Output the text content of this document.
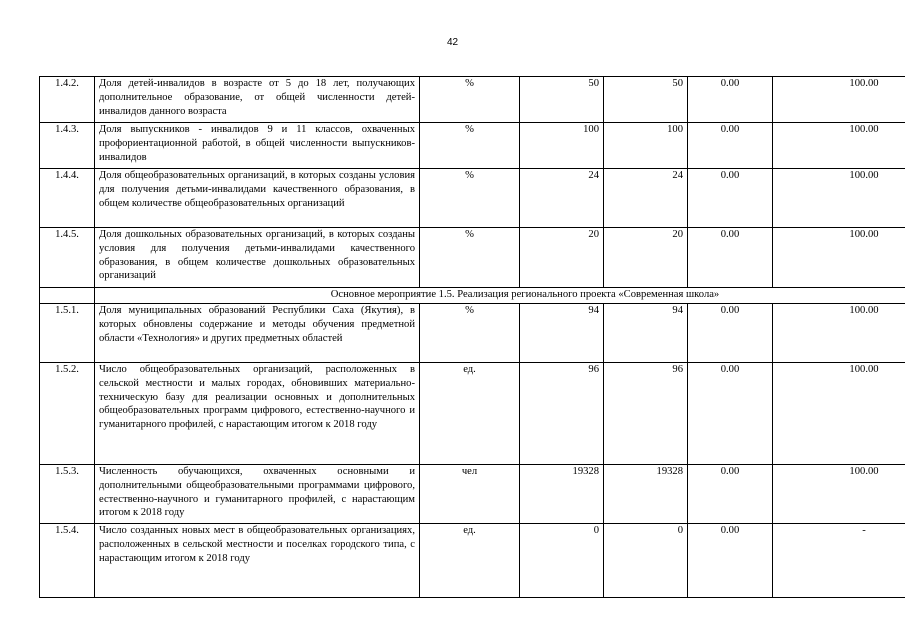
42
1.4.2.	Доля детей-инвалидов в возрасте от 5 до 18 лет, получающих дополнительное образование, от общей численности детей-инвалидов данного возраста	%	50	50	0.00	100.00
1.4.3.	Доля выпускников - инвалидов 9 и 11 классов, охваченных профориентационной работой, в общей численности выпускников-инвалидов	%	100	100	0.00	100.00
1.4.4.	Доля общеобразовательных организаций, в которых созданы условия для получения детьми-инвалидами качественного образования, в общем количестве общеобразовательных организаций	%	24	24	0.00	100.00
1.4.5.	Доля дошкольных образовательных организаций, в которых созданы условия для получения детьми-инвалидами качественного образования, в общем количестве дошкольных образовательных организаций	%	20	20	0.00	100.00
	Основное мероприятие 1.5. Реализация регионального проекта «Современная школа»					
1.5.1.	Доля муниципальных образований Республики Саха (Якутия), в которых обновлены содержание и методы обучения предметной области «Технология» и других предметных областей	%	94	94	0.00	100.00
1.5.2.	Число общеобразовательных организаций, расположенных в сельской местности и малых городах, обновивших материально-техническую базу для реализации основных и дополнительных общеобразовательных программ цифрового, естественно-научного и гуманитарного профилей, с нарастающим итогом к 2018 году	ед.	96	96	0.00	100.00
1.5.3.	Численность обучающихся, охваченных основными и дополнительными общеобразовательными программами цифрового, естественно-научного и гуманитарного профилей, с нарастающим итогом к 2018 году	чел	19328	19328	0.00	100.00
1.5.4.	Число созданных новых мест в общеобразовательных организациях, расположенных в сельской местности и поселках городского типа, с нарастающим итогом к 2018 году	ед.	0	0	0.00	-
